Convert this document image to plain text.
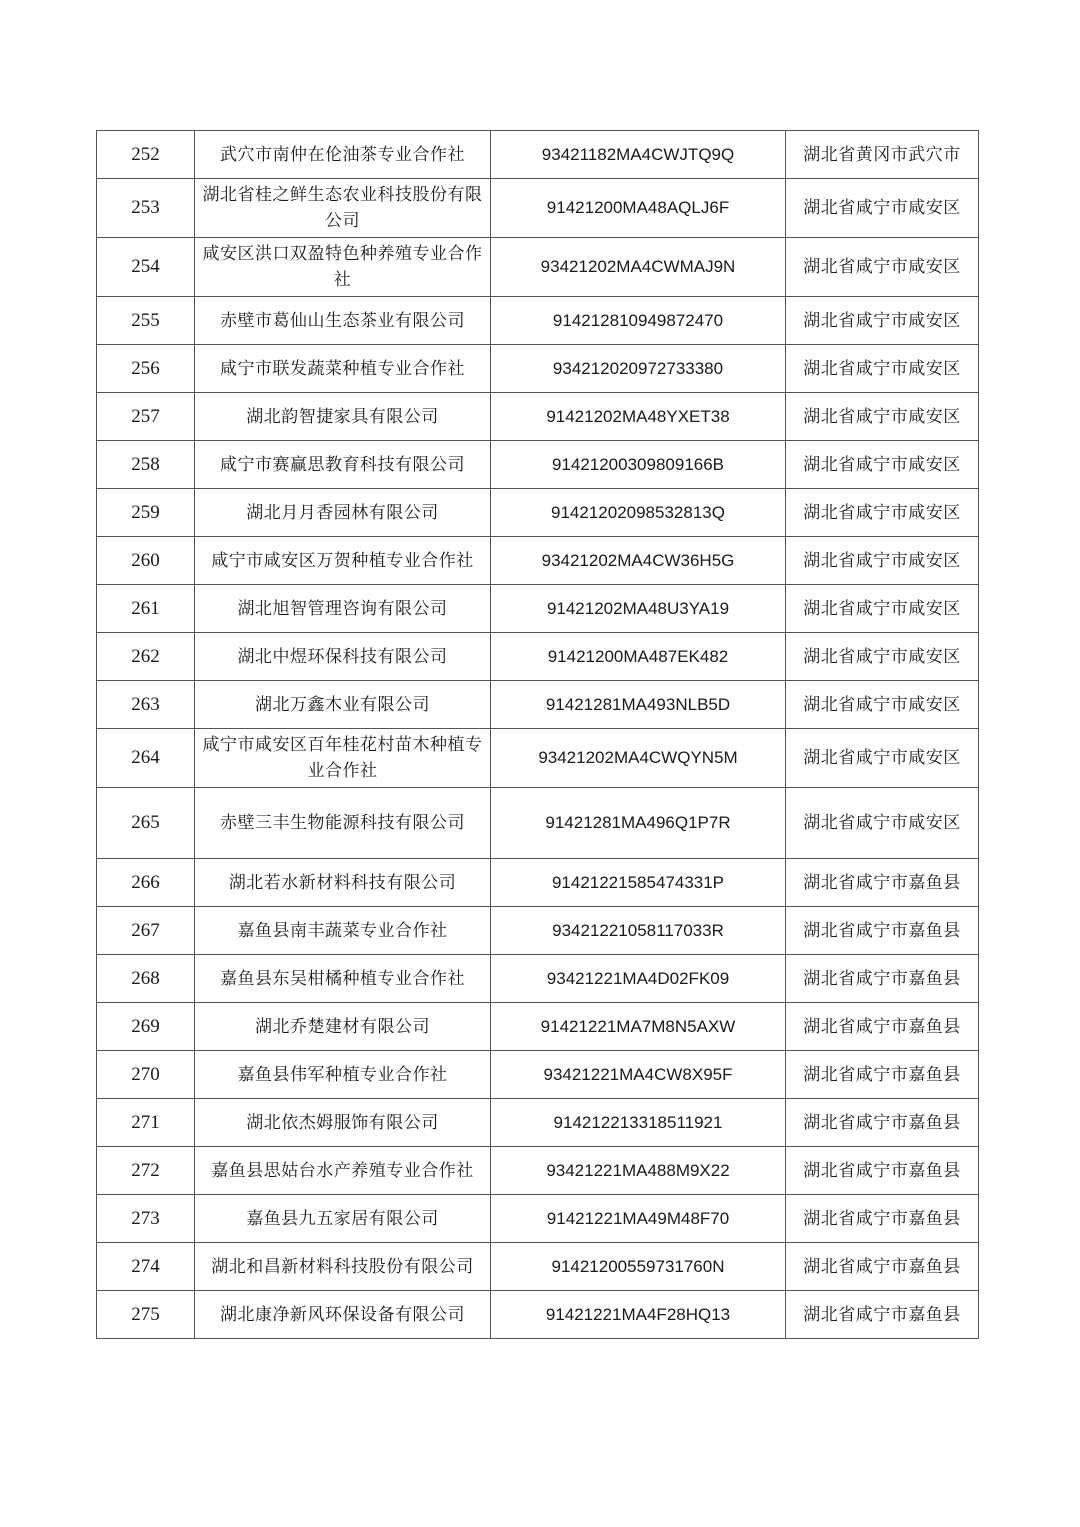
252	武穴市南仲在伦油茶专业合作社	93421182MA4CWJTQ9Q	湖北省黄冈市武穴市
253	湖北省桂之鲜生态农业科技股份有限公司	91421200MA48AQLJ6F	湖北省咸宁市咸安区
254	咸安区洪口双盈特色种养殖专业合作社	93421202MA4CWMAJ9N	湖北省咸宁市咸安区
255	赤壁市葛仙山生态茶业有限公司	914212810949872470	湖北省咸宁市咸安区
256	咸宁市联发蔬菜种植专业合作社	934212020972733380	湖北省咸宁市咸安区
257	湖北韵智捷家具有限公司	91421202MA48YXET38	湖北省咸宁市咸安区
258	咸宁市赛赢思教育科技有限公司	91421200309809166B	湖北省咸宁市咸安区
259	湖北月月香园林有限公司	91421202098532813Q	湖北省咸宁市咸安区
260	咸宁市咸安区万贺种植专业合作社	93421202MA4CW36H5G	湖北省咸宁市咸安区
261	湖北旭智管理咨询有限公司	91421202MA48U3YA19	湖北省咸宁市咸安区
262	湖北中煜环保科技有限公司	91421200MA487EK482	湖北省咸宁市咸安区
263	湖北万鑫木业有限公司	91421281MA493NLB5D	湖北省咸宁市咸安区
264	咸宁市咸安区百年桂花村苗木种植专业合作社	93421202MA4CWQYN5M	湖北省咸宁市咸安区
265	赤壁三丰生物能源科技有限公司	91421281MA496Q1P7R	湖北省咸宁市咸安区
266	湖北若水新材料科技有限公司	91421221585474331P	湖北省咸宁市嘉鱼县
267	嘉鱼县南丰蔬菜专业合作社	93421221058117033R	湖北省咸宁市嘉鱼县
268	嘉鱼县东吴柑橘种植专业合作社	93421221MA4D02FK09	湖北省咸宁市嘉鱼县
269	湖北乔楚建材有限公司	91421221MA7M8N5AXW	湖北省咸宁市嘉鱼县
270	嘉鱼县伟军种植专业合作社	93421221MA4CW8X95F	湖北省咸宁市嘉鱼县
271	湖北依杰姆服饰有限公司	914212213318511921	湖北省咸宁市嘉鱼县
272	嘉鱼县思姑台水产养殖专业合作社	93421221MA488M9X22	湖北省咸宁市嘉鱼县
273	嘉鱼县九五家居有限公司	91421221MA49M48F70	湖北省咸宁市嘉鱼县
274	湖北和昌新材料科技股份有限公司	91421200559731760N	湖北省咸宁市嘉鱼县
275	湖北康净新风环保设备有限公司	91421221MA4F28HQ13	湖北省咸宁市嘉鱼县
